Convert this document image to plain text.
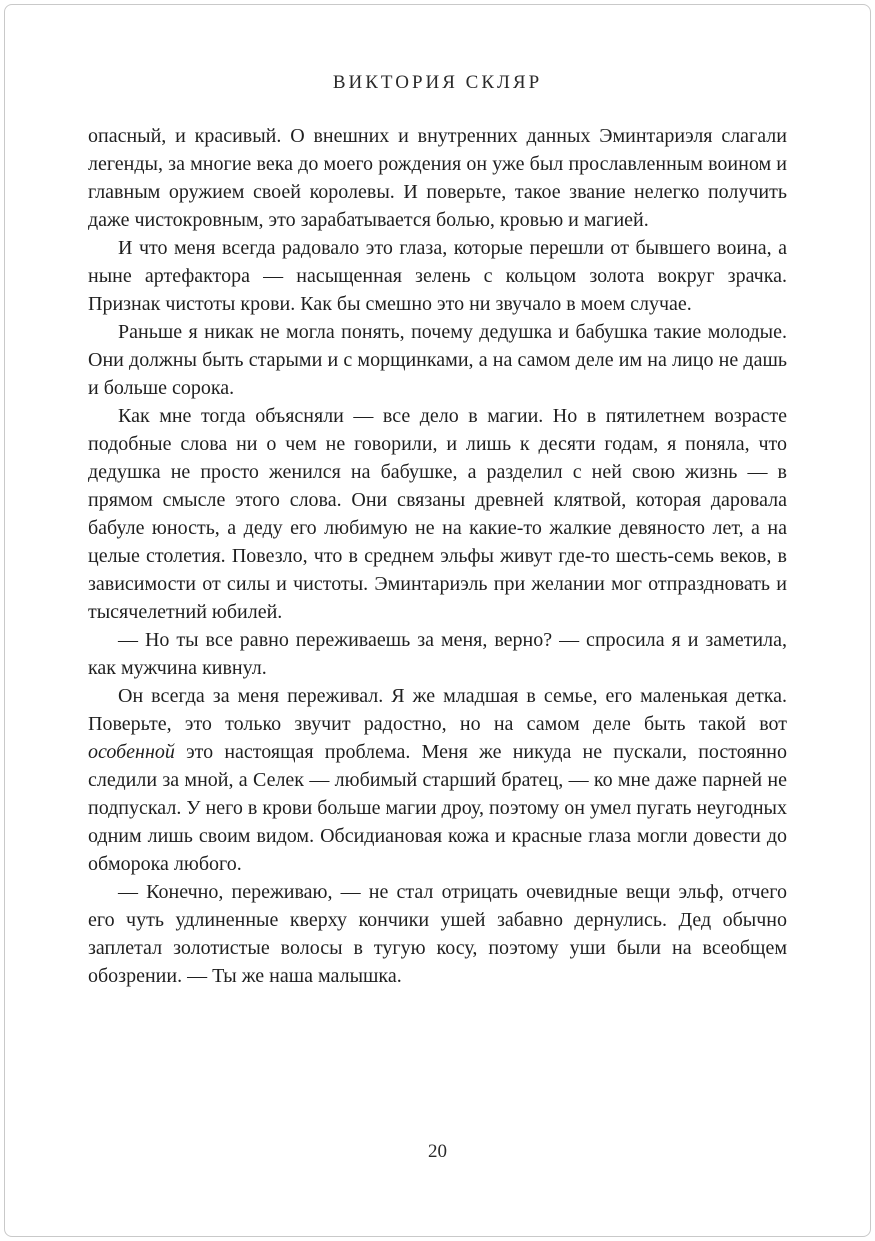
ВИКТОРИЯ СКЛЯР

опасный, и красивый. О внешних и внутренних данных Эминтариэля слагали легенды, за многие века до моего рождения он уже был прославленным воином и главным оружием своей королевы. И поверьте, такое звание нелегко получить даже чистокровным, это зарабатывается болью, кровью и магией.

И что меня всегда радовало это глаза, которые перешли от бывшего воина, а ныне артефактора — насыщенная зелень с кольцом золота вокруг зрачка. Признак чистоты крови. Как бы смешно это ни звучало в моем случае.

Раньше я никак не могла понять, почему дедушка и бабушка такие молодые. Они должны быть старыми и с морщинками, а на самом деле им на лицо не дашь и больше сорока.

Как мне тогда объясняли — все дело в магии. Но в пятилетнем возрасте подобные слова ни о чем не говорили, и лишь к десяти годам, я поняла, что дедушка не просто женился на бабушке, а разделил с ней свою жизнь — в прямом смысле этого слова. Они связаны древней клятвой, которая даровала бабуле юность, а деду его любимую не на какие-то жалкие девяносто лет, а на целые столетия. Повезло, что в среднем эльфы живут где-то шесть-семь веков, в зависимости от силы и чистоты. Эминтариэль при желании мог отпраздновать и тысячелетний юбилей.

— Но ты все равно переживаешь за меня, верно? — спросила я и заметила, как мужчина кивнул.

Он всегда за меня переживал. Я же младшая в семье, его маленькая детка. Поверьте, это только звучит радостно, но на самом деле быть такой вот особенной это настоящая проблема. Меня же никуда не пускали, постоянно следили за мной, а Селек — любимый старший братец, — ко мне даже парней не подпускал. У него в крови больше магии дроу, поэтому он умел пугать неугодных одним лишь своим видом. Обсидиановая кожа и красные глаза могли довести до обморока любого.

— Конечно, переживаю, — не стал отрицать очевидные вещи эльф, отчего его чуть удлиненные кверху кончики ушей забавно дернулись. Дед обычно заплетал золотистые волосы в тугую косу, поэтому уши были на всеобщем обозрении. — Ты же наша малышка.

20
